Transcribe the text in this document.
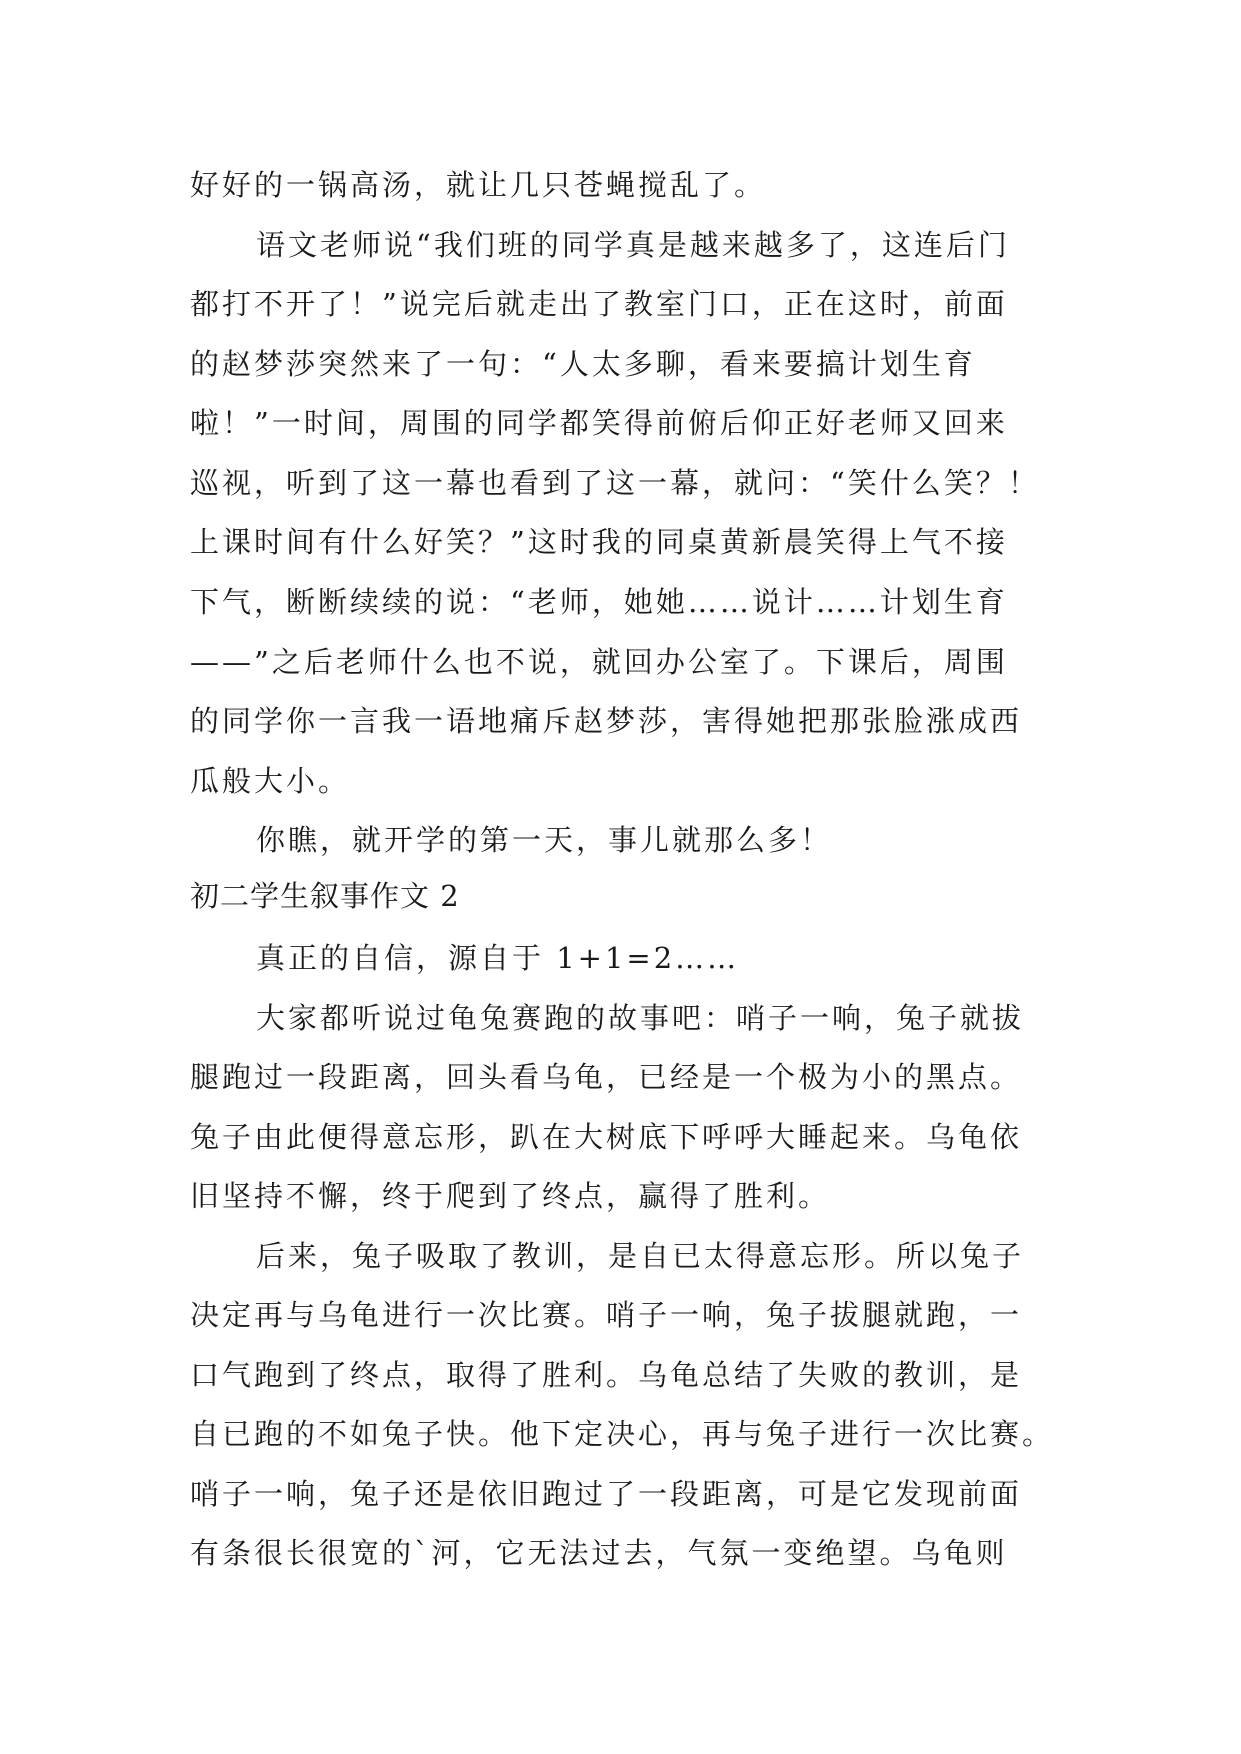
好好的一锅高汤，就让几只苍蝇搅乱了。
语文老师说“我们班的同学真是越来越多了，这连后门
都打不开了！”说完后就走出了教室门口，正在这时，前面
的赵梦莎突然来了一句：“人太多聊，看来要搞计划生育
啦！”一时间，周围的同学都笑得前俯后仰正好老师又回来
巡视，听到了这一幕也看到了这一幕，就问：“笑什么笑？！
上课时间有什么好笑？”这时我的同桌黄新晨笑得上气不接
下气，断断续续的说：“老师，她她……说计……计划生育
——”之后老师什么也不说，就回办公室了。下课后，周围
的同学你一言我一语地痛斥赵梦莎，害得她把那张脸涨成西
瓜般大小。
你瞧，就开学的第一天，事儿就那么多！
初二学生叙事作文 2
真正的自信，源自于 1+1=2……
大家都听说过龟兔赛跑的故事吧：哨子一响，兔子就拔
腿跑过一段距离，回头看乌龟，已经是一个极为小的黑点。
兔子由此便得意忘形，趴在大树底下呼呼大睡起来。乌龟依
旧坚持不懈，终于爬到了终点，赢得了胜利。
后来，兔子吸取了教训，是自已太得意忘形。所以兔子
决定再与乌龟进行一次比赛。哨子一响，兔子拔腿就跑，一
口气跑到了终点，取得了胜利。乌龟总结了失败的教训，是
自已跑的不如兔子快。他下定决心，再与兔子进行一次比赛。
哨子一响，兔子还是依旧跑过了一段距离，可是它发现前面
有条很长很宽的`河，它无法过去，气氛一变绝望。乌龟则
